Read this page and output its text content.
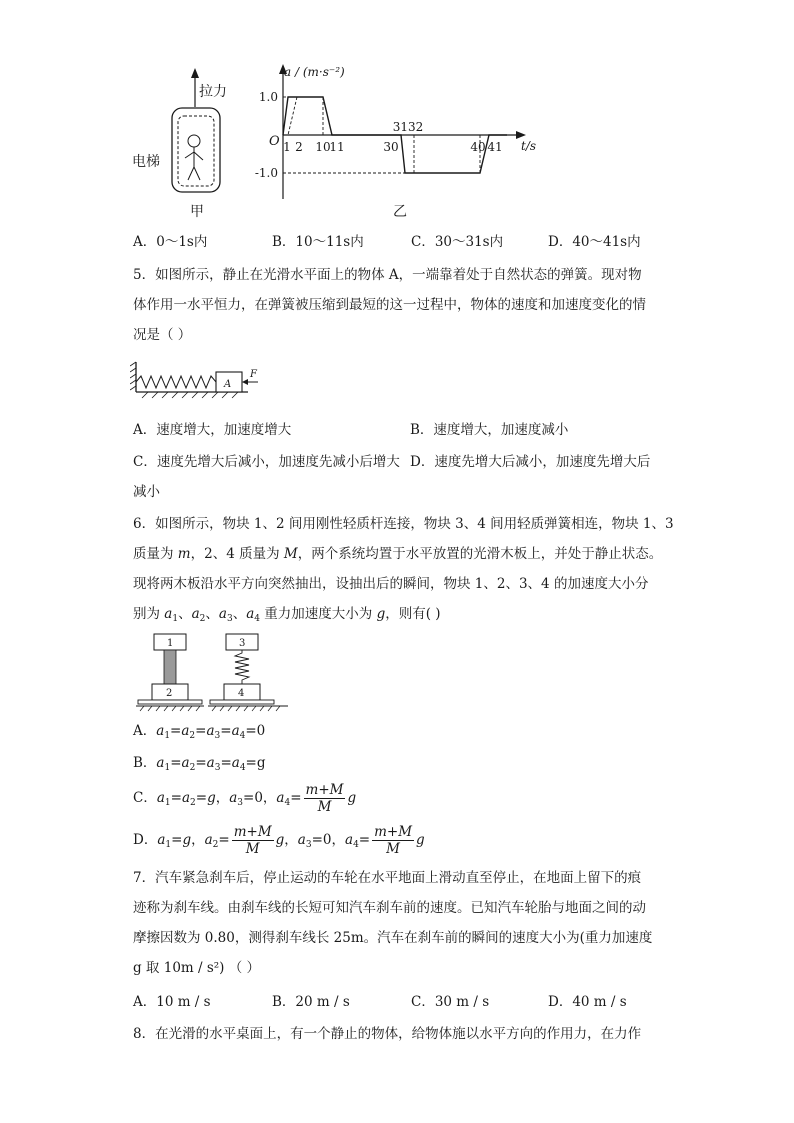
拉力
电梯
甲
1.0
-1.0
1 2 10
11	30
3132
40 41
a / (m·s⁻²)
t/s
O
乙
A．0～1s内	B．10～11s内	C．30～31s内	D．40～41s内
5．如图所示，静止在光滑水平面上的物体 A，一端靠着处于自然状态的弹簧。现对物
体作用一水平恒力，在弹簧被压缩到最短的这一过程中，物体的速度和加速度变化的情
况是（ ）
A
F
A．速度增大，加速度增大	B．速度增大，加速度减小
C．速度先增大后减小，加速度先减小后增大 D．速度先增大后减小，加速度先增大后
减小
6．如图所示，物块 1、2 间用刚性轻质杆连接，物块 3、4 间用轻质弹簧相连，物块 1、3
质量为 m，2、4 质量为 M，两个系统均置于水平放置的光滑木板上，并处于静止状态。
现将两木板沿水平方向突然抽出，设抽出后的瞬间，物块 1、2、3、4 的加速度大小分
别为 $a_1$、$a_2$、$a_3$、$a_4$ 重力加速度大小为 g，则有( )
1
2
3
4
A．$a_1=a_2=a_3=a_4=0$
B．$a_1=a_2=a_3=a_4=g$
C．$a_1=a_2=g$，$a_3=0$，$a_4= \frac{m+M}{M}$ g
D．$a_1=g$，$a_2= \frac{m+M}{M}$ g，$a_3=0$，$a_4= \frac{m+M}{M}$ g
7．汽车紧急刹车后，停止运动的车轮在水平地面上滑动直至停止，在地面上留下的痕
迹称为刹车线。由刹车线的长短可知汽车刹车前的速度。已知汽车轮胎与地面之间的动
摩擦因数为 0.80，测得刹车线长 25m。汽车在刹车前的瞬间的速度大小为(重力加速度
g 取 10m / s²) （ ）
A．10 m / s	B．20 m / s	C．30 m / s	D．40 m / s
8．在光滑的水平桌面上，有一个静止的物体，给物体施以水平方向的作用力，在力作
